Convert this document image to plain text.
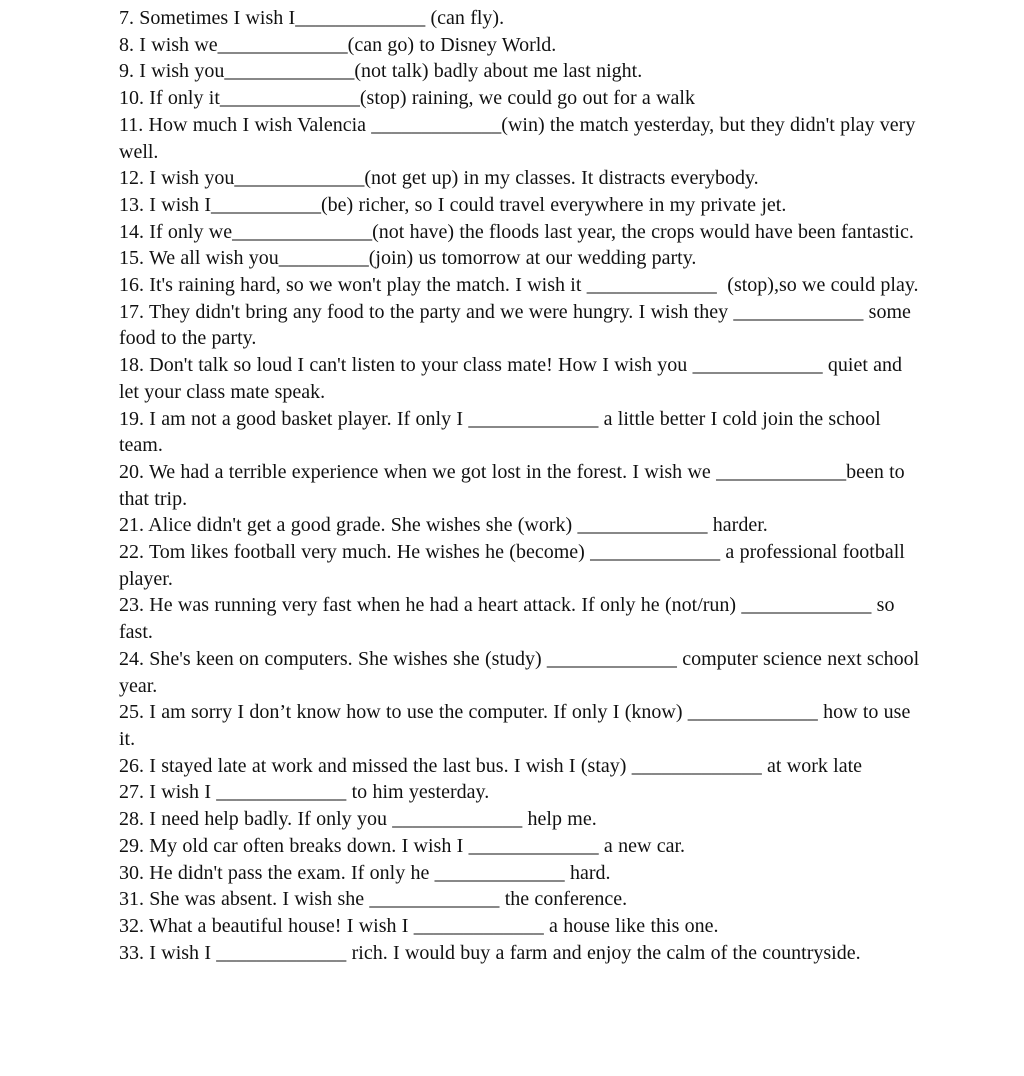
7. Sometimes I wish I_____________ (can fly).

8. I wish we_____________(can go) to Disney World.

9. I wish you_____________(not talk) badly about me last night.

10. If only it______________(stop) raining, we could go out for a walk

11. How much I wish Valencia _____________(win) the match yesterday, but they didn't play very well.

12. I wish you_____________(not get up) in my classes. It distracts everybody.

13. I wish I___________(be) richer, so I could travel everywhere in my private jet.

14. If only we______________(not have) the floods last year, the crops would have been fantastic.

15. We all wish you_________(join) us tomorrow at our wedding party.

16. It's raining hard, so we won't play the match. I wish it _____________  (stop),so we could play.

17. They didn't bring any food to the party and we were hungry. I wish they _____________ some food to the party.

18. Don't talk so loud I can't listen to your class mate! How I wish you _____________ quiet and let your class mate speak.

19. I am not a good basket player. If only I _____________ a little better I cold join the school team.

20. We had a terrible experience when we got lost in the forest. I wish we _____________been to that trip.

21. Alice didn't get a good grade. She wishes she (work) _____________ harder.

22. Tom likes football very much. He wishes he (become) _____________ a professional football player.

23. He was running very fast when he had a heart attack. If only he (not/run) _____________ so fast.

24. She's keen on computers. She wishes she (study) _____________ computer science next school year.

25. I am sorry I don’t know how to use the computer. If only I (know) _____________ how to use it.

26. I stayed late at work and missed the last bus. I wish I (stay) _____________ at work late

27. I wish I _____________ to him yesterday.

28. I need help badly. If only you _____________ help me.

29. My old car often breaks down. I wish I _____________ a new car.

30. He didn't pass the exam. If only he _____________ hard.

31. She was absent. I wish she _____________ the conference.

32. What a beautiful house! I wish I _____________ a house like this one.

33. I wish I _____________ rich. I would buy a farm and enjoy the calm of the countryside.
